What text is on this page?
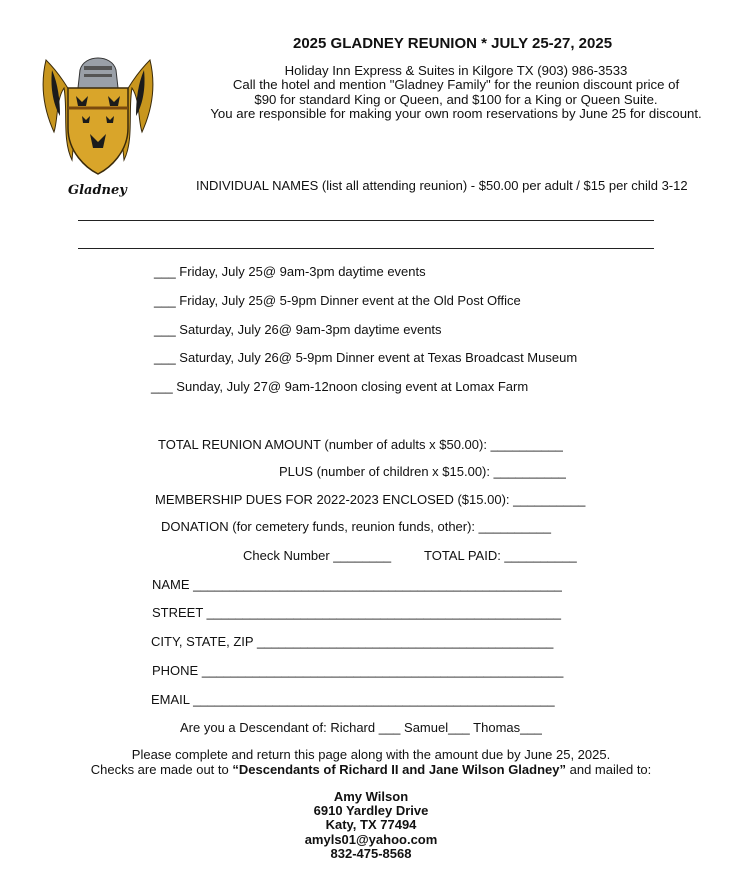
Gladney
2025 GLADNEY REUNION * JULY 25-27, 2025
Holiday Inn Express & Suites in Kilgore TX (903) 986-3533
Call the hotel and mention "Gladney Family" for the reunion discount price of
$90 for standard King or Queen, and $100 for a King or Queen Suite.
You are responsible for making your own room reservations by June 25 for discount.
INDIVIDUAL NAMES (list all attending reunion) - $50.00 per adult / $15 per child 3-12
___ Friday, July 25@ 9am-3pm daytime events
___ Friday, July 25@ 5-9pm Dinner event at the Old Post Office
___ Saturday, July 26@ 9am-3pm daytime events
___ Saturday, July 26@ 5-9pm Dinner event at Texas Broadcast Museum
___ Sunday, July 27@ 9am-12noon closing event at Lomax Farm
TOTAL REUNION AMOUNT (number of adults x $50.00): __________
PLUS (number of children x $15.00): __________
MEMBERSHIP DUES FOR 2022-2023 ENCLOSED ($15.00): __________
DONATION (for cemetery funds, reunion funds, other): __________
Check Number ________	TOTAL PAID: __________
NAME ___________________________________________________
STREET _________________________________________________
CITY, STATE, ZIP _________________________________________
PHONE __________________________________________________
EMAIL __________________________________________________
Are you a Descendant of: Richard ___ Samuel___ Thomas___
Please complete and return this page along with the amount due by June 25, 2025.
Checks are made out to “Descendants of Richard II and Jane Wilson Gladney” and mailed to:
Amy Wilson
6910 Yardley Drive
Katy, TX 77494
amyls01@yahoo.com
832-475-8568
